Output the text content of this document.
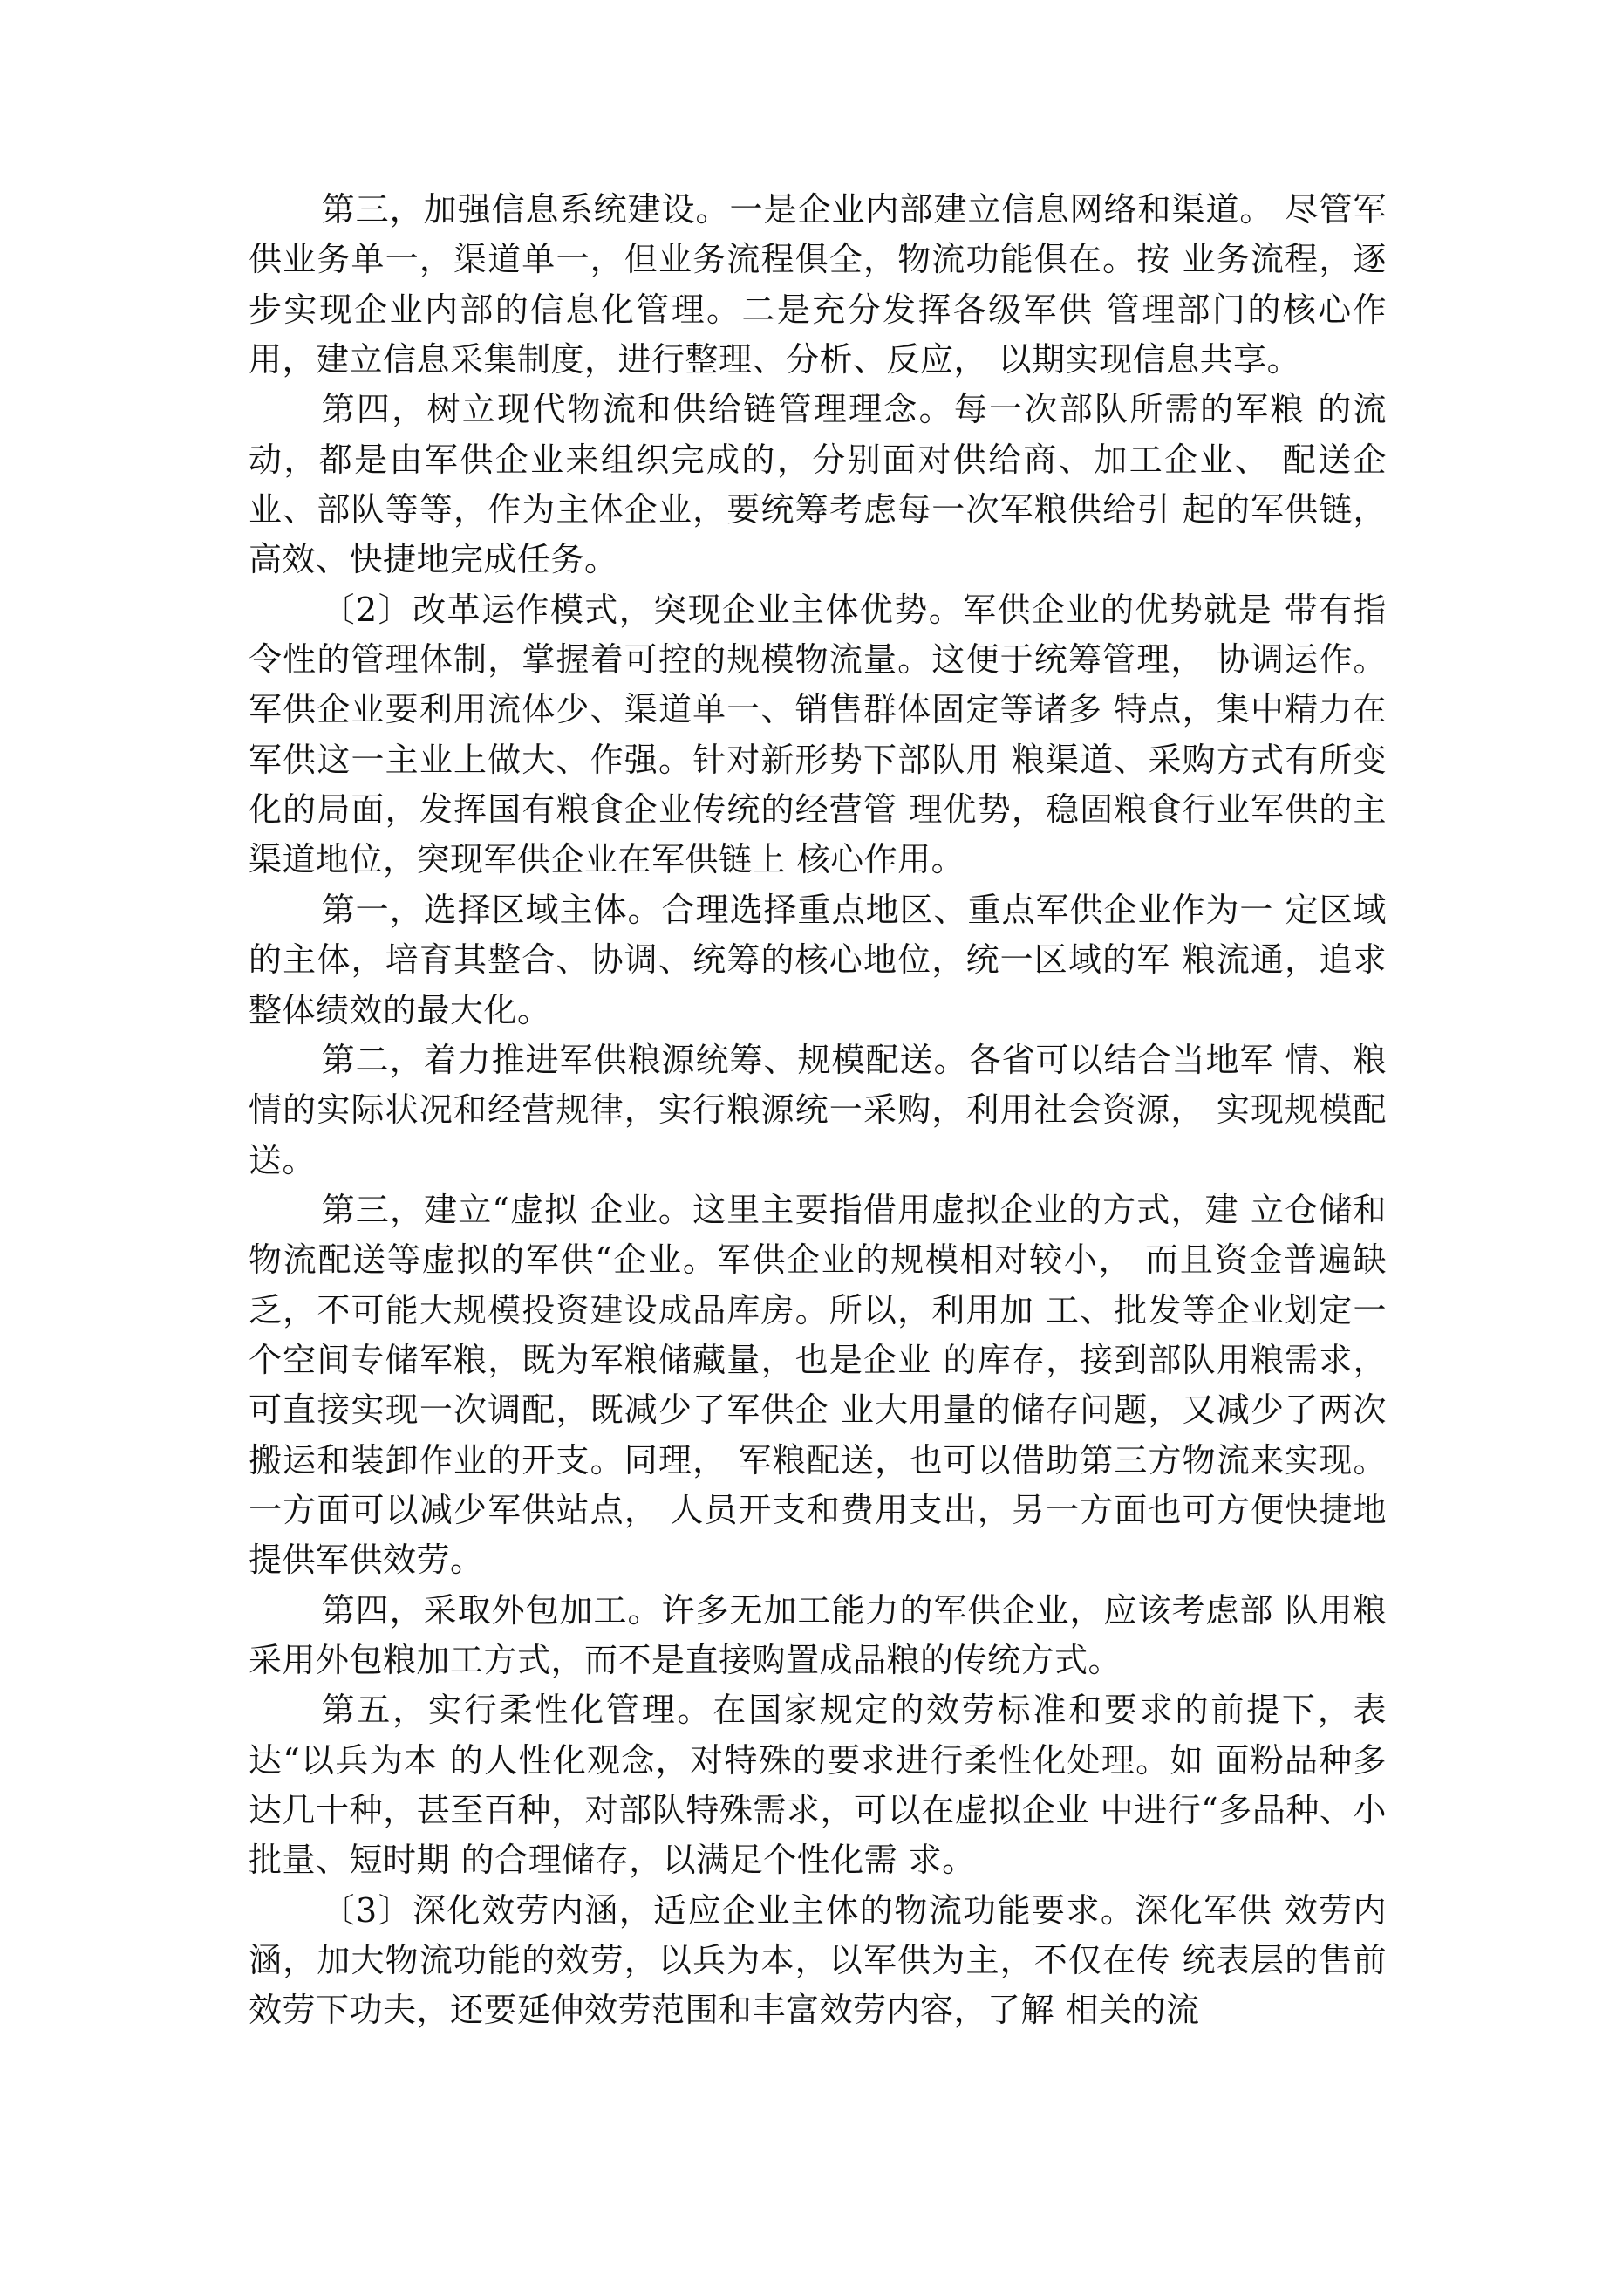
第三，加强信息系统建设。一是企业内部建立信息网络和渠道。 尽管军供业务单一，渠道单一，但业务流程俱全，物流功能俱在。按 业务流程，逐步实现企业内部的信息化管理。二是充分发挥各级军供 管理部门的核心作用，建立信息采集制度，进行整理、分析、反应， 以期实现信息共享。

第四，树立现代物流和供给链管理理念。每一次部队所需的军粮 的流动，都是由军供企业来组织完成的，分别面对供给商、加工企业、 配送企业、部队等等，作为主体企业，要统筹考虑每一次军粮供给引 起的军供链，高效、快捷地完成任务。

〔2〕改革运作模式，突现企业主体优势。军供企业的优势就是 带有指令性的管理体制，掌握着可控的规模物流量。这便于统筹管理， 协调运作。军供企业要利用流体少、渠道单一、销售群体固定等诸多 特点，集中精力在军供这一主业上做大、作强。针对新形势下部队用 粮渠道、采购方式有所变化的局面，发挥国有粮食企业传统的经营管 理优势，稳固粮食行业军供的主渠道地位，突现军供企业在军供链上 核心作用。

第一，选择区域主体。合理选择重点地区、重点军供企业作为一 定区域的主体，培育其整合、协调、统筹的核心地位，统一区域的军 粮流通，追求整体绩效的最大化。

第二，着力推进军供粮源统筹、规模配送。各省可以结合当地军 情、粮情的实际状况和经营规律，实行粮源统一采购，利用社会资源， 实现规模配送。

第三，建立“虚拟 企业。这里主要指借用虚拟企业的方式，建 立仓储和物流配送等虚拟的军供“企业。军供企业的规模相对较小， 而且资金普遍缺乏，不可能大规模投资建设成品库房。所以，利用加 工、批发等企业划定一个空间专储军粮，既为军粮储藏量，也是企业 的库存，接到部队用粮需求，可直接实现一次调配，既减少了军供企 业大用量的储存问题，又减少了两次搬运和装卸作业的开支。同理， 军粮配送，也可以借助第三方物流来实现。一方面可以减少军供站点， 人员开支和费用支出，另一方面也可方便快捷地提供军供效劳。

第四，采取外包加工。许多无加工能力的军供企业，应该考虑部 队用粮采用外包粮加工方式，而不是直接购置成品粮的传统方式。

第五，实行柔性化管理。在国家规定的效劳标准和要求的前提下，表达“以兵为本 的人性化观念，对特殊的要求进行柔性化处理。如 面粉品种多达几十种，甚至百种，对部队特殊需求，可以在虚拟企业 中进行“多品种、小批量、短时期 的合理储存，以满足个性化需 求。

〔3〕深化效劳内涵，适应企业主体的物流功能要求。深化军供 效劳内涵，加大物流功能的效劳，以兵为本，以军供为主，不仅在传 统表层的售前效劳下功夫，还要延伸效劳范围和丰富效劳内容，了解 相关的流
